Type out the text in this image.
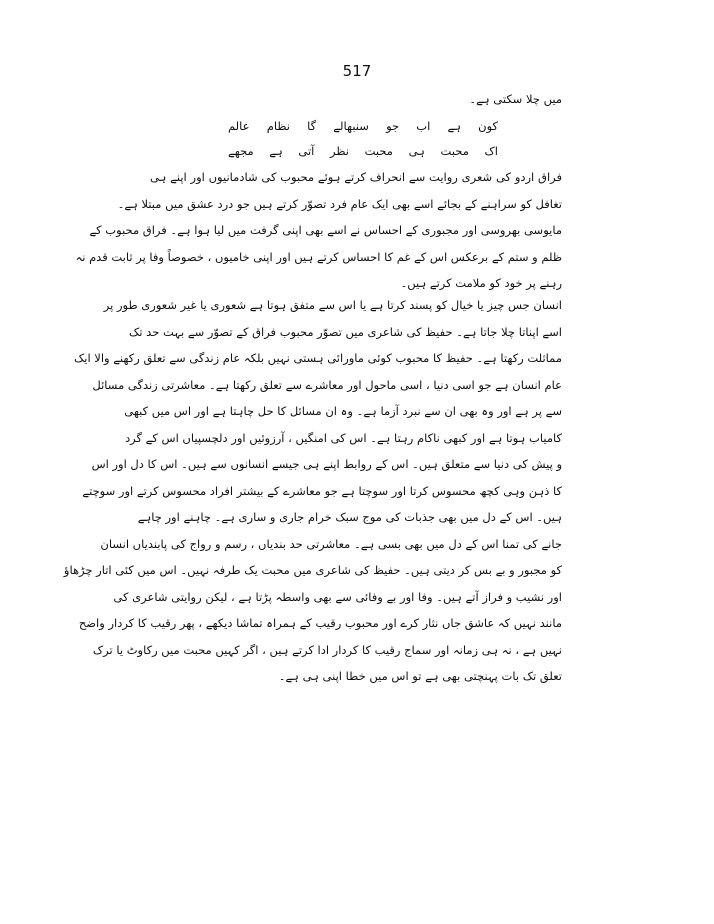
517
میں چلا سکتی ہے۔
کون ہے اب جو سنبھالے گا نظام عالم
اک محبت ہی محبت نظر آتی ہے مجھے
فراق اردو کی شعری روایت سے انحراف کرتے ہوئے محبوب کی شادمانیوں اور اپنے ہی
تغافل کو سراہنے کے بجائے اسے بھی ایک عام فرد تصوّر کرتے ہیں جو درد عشق میں مبتلا ہے۔
مایوسی بھروسی اور مجبوری کے احساس نے اسے بھی اپنی گرفت میں لیا ہوا ہے۔ فراق محبوب کے
ظلم و ستم کے برعکس اس کے غم کا احساس کرتے ہیں اور اپنی خامیوں ، خصوصاً وفا پر ثابت قدم نہ
رہنے پر خود کو ملامت کرتے ہیں۔
انسان جس چیز یا خیال کو پسند کرتا ہے یا اس سے متفق ہوتا ہے شعوری یا غیر شعوری طور پر
اسے اپناتا چلا جاتا ہے۔ حفیظ کی شاعری میں تصوّر محبوب فراق کے تصوّر سے بہت حد تک
مماثلت رکھتا ہے۔ حفیظ کا محبوب کوئی ماورائی ہستی نہیں بلکہ عام زندگی سے تعلق رکھنے والا ایک
عام انسان ہے جو اسی دنیا ، اسی ماحول اور معاشرے سے تعلق رکھتا ہے۔ معاشرتی زندگی مسائل
سے پر ہے اور وہ بھی ان سے نبرد آزما ہے۔ وہ ان مسائل کا حل چاہتا ہے اور اس میں کبھی
کامیاب ہوتا ہے اور کبھی ناکام رہتا ہے۔ اس کی امنگیں ، آرزوئیں اور دلچسپیاں اس کے گرد
و پیش کی دنیا سے متعلق ہیں۔ اس کے روابط اپنے ہی جیسے انسانوں سے ہیں۔ اس کا دل اور اس
کا ذہن وہی کچھ محسوس کرتا اور سوچتا ہے جو معاشرے کے بیشتر افراد محسوس کرتے اور سوچتے
ہیں۔ اس کے دل میں بھی جذبات کی موج سبک خرام جاری و ساری ہے۔ چاہنے اور چاہے
جانے کی تمنا اس کے دل میں بھی بسی ہے۔ معاشرتی حد بندیاں ، رسم و رواج کی پابندیاں انسان
کو مجبور و بے بس کر دیتی ہیں۔ حفیظ کی شاعری میں محبت یک طرفہ نہیں۔ اس میں کئی اتار چڑھاؤ
اور نشیب و فراز آتے ہیں۔ وفا اور بے وفائی سے بھی واسطہ پڑتا ہے ، لیکن روایتی شاعری کی
مانند نہیں کہ عاشق جاں نثار کرے اور محبوب رقیب کے ہمراہ تماشا دیکھے ، پھر رقیب کا کردار واضح
نہیں ہے ، نہ ہی زمانہ اور سماج رقیب کا کردار ادا کرتے ہیں ، اگر کہیں محبت میں رکاوٹ یا ترک
تعلق تک بات پہنچتی بھی ہے تو اس میں خطا اپنی ہی ہے۔
